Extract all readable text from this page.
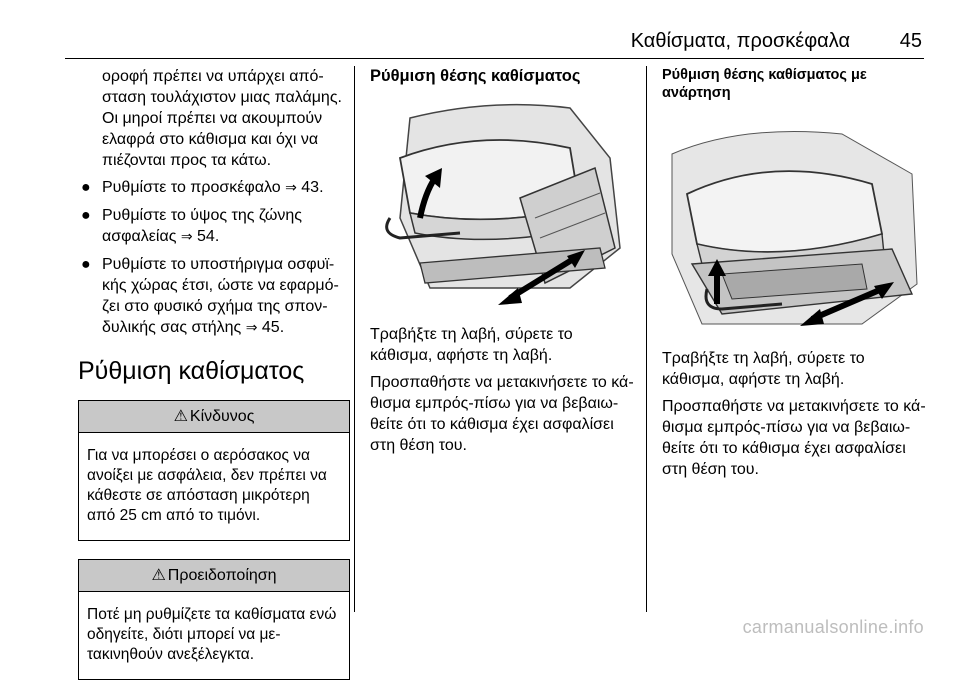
Καθίσματα, προσκέφαλα 45

οροφή πρέπει να υπάρχει απόσταση τουλάχιστον μιας παλάμης. Οι μηροί πρέπει να ακουμπούν ελαφρά στο κάθισμα και όχι να πιέζονται προς τα κάτω.

● Ρυθμίστε το προσκέφαλο ⇒ 43.
● Ρυθμίστε το ύψος της ζώνης ασφαλείας ⇒ 54.
● Ρυθμίστε το υποστήριγμα οσφυϊκής χώρας έτσι, ώστε να εφαρμόζει στο φυσικό σχήμα της σπονδυλικής σας στήλης ⇒ 45.
Ρύθμιση καθίσματος
⚠ Κίνδυνος
Για να μπορέσει ο αερόσακος να ανοίξει με ασφάλεια, δεν πρέπει να κάθεστε σε απόσταση μικρότερη από 25 cm από το τιμόνι.
⚠ Προειδοποίηση
Ποτέ μη ρυθμίζετε τα καθίσματα ενώ οδηγείτε, διότι μπορεί να μετακινηθούν ανεξέλεγκτα.
Ρύθμιση θέσης καθίσματος

Τραβήξτε τη λαβή, σύρετε το κάθισμα, αφήστε τη λαβή.

Προσπαθήστε να μετακινήσετε το κάθισμα εμπρός-πίσω για να βεβαιωθείτε ότι το κάθισμα έχει ασφαλίσει στη θέση του.

Ρύθμιση θέσης καθίσματος με ανάρτηση

Τραβήξτε τη λαβή, σύρετε το κάθισμα, αφήστε τη λαβή.

Προσπαθήστε να μετακινήσετε το κάθισμα εμπρός-πίσω για να βεβαιωθείτε ότι το κάθισμα έχει ασφαλίσει στη θέση του.

carmanualsonline.info
